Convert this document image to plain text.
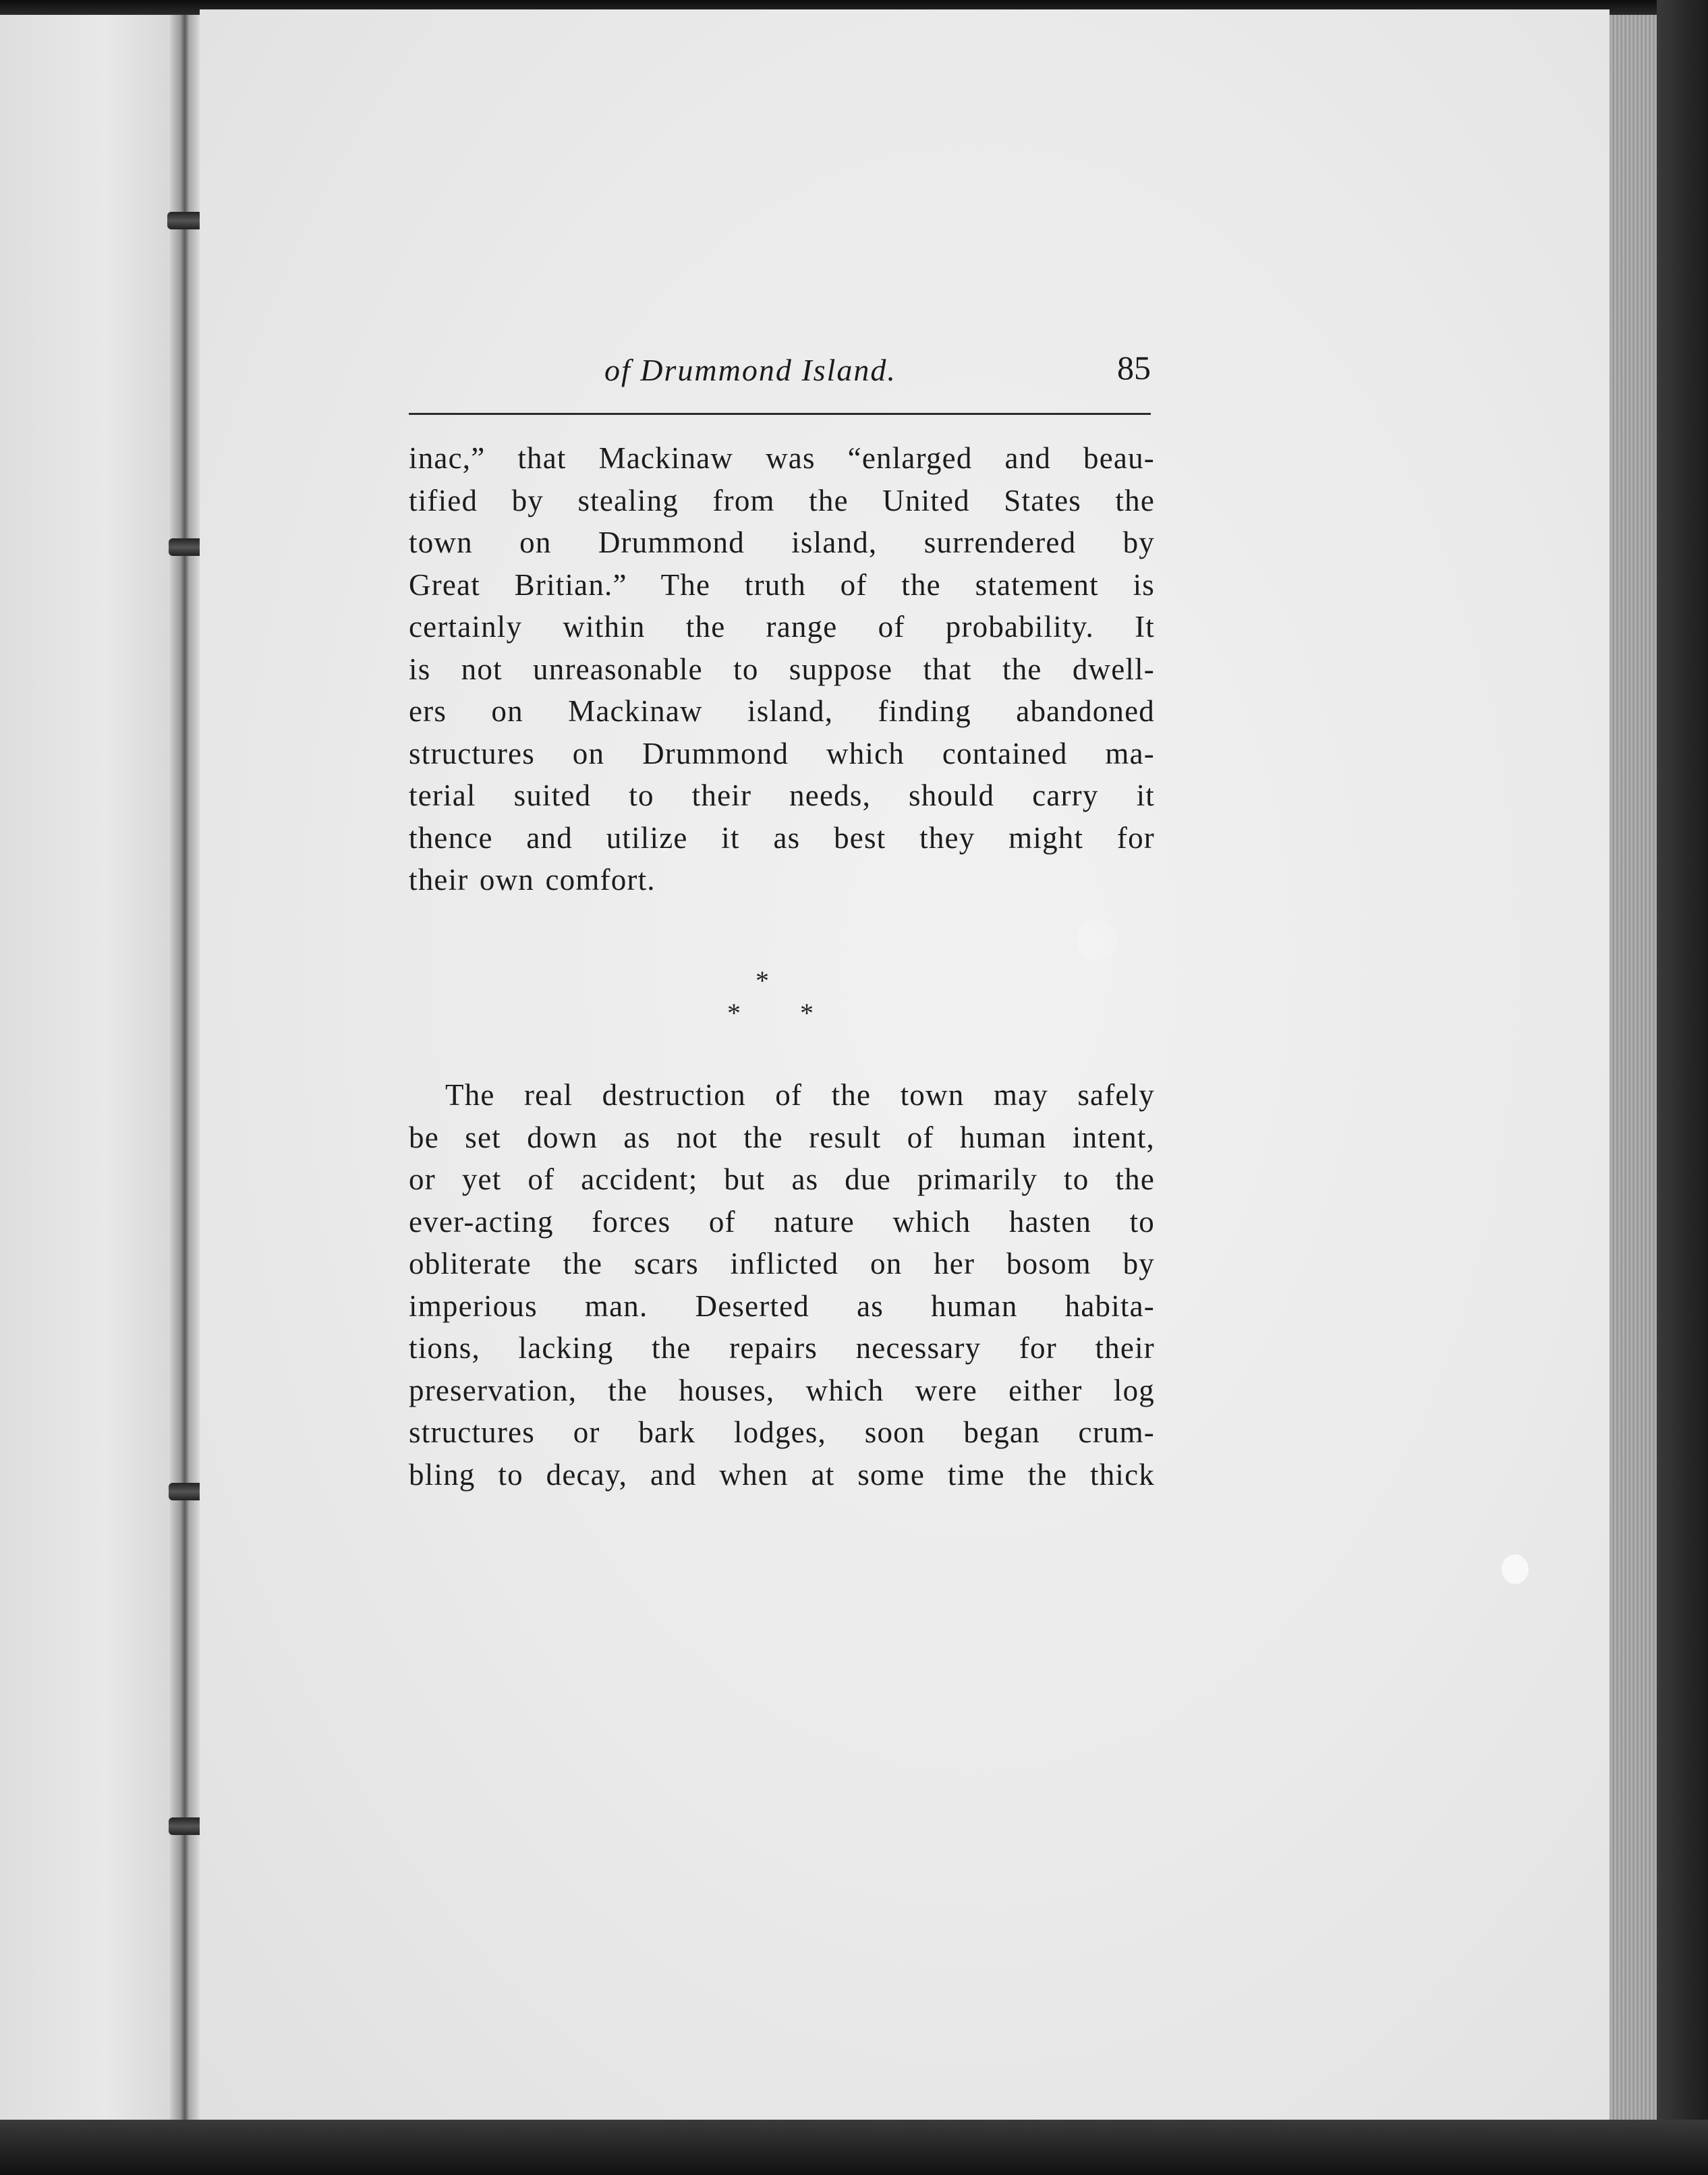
of Drummond Island.	85

inac,” that Mackinaw was “enlarged and beau-
tified by stealing from the United States the
town on Drummond island, surrendered by
Great Britian.” The truth of the statement is
certainly within the range of probability. It
is not unreasonable to suppose that the dwell-
ers on Mackinaw island, finding abandoned
structures on Drummond which contained ma-
terial suited to their needs, should carry it
thence and utilize it as best they might for
their own comfort.

*
* *

The real destruction of the town may safely
be set down as not the result of human intent,
or yet of accident; but as due primarily to the
ever-acting forces of nature which hasten to
obliterate the scars inflicted on her bosom by
imperious man. Deserted as human habita-
tions, lacking the repairs necessary for their
preservation, the houses, which were either log
structures or bark lodges, soon began crum-
bling to decay, and when at some time the thick
